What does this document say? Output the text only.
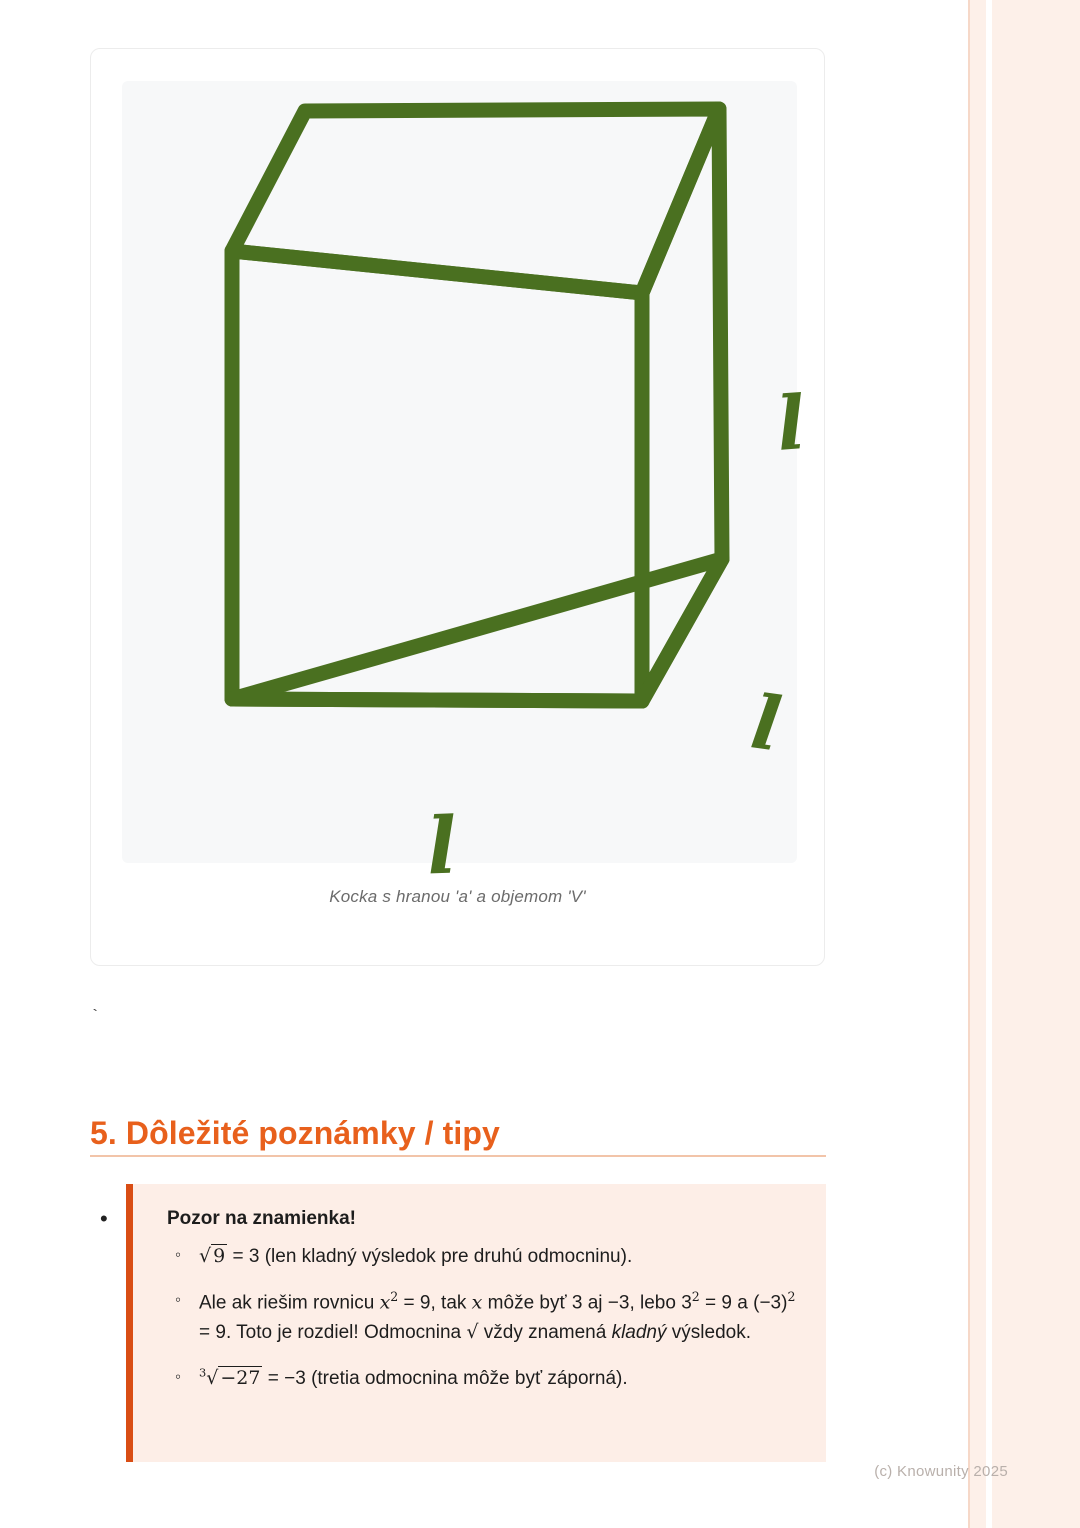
l
l
l
Kocka s hranou 'a' a objemom 'V'
`
5. Dôležité poznámky / tipy
•	Pozor na znamienka!

◦ √ 9 = 3 (len kladný výsledok pre druhú odmocninu).
◦ Ale ak riešim rovnicu $x^2 = 9$, tak x môže byť 3 aj −3, lebo $3^2 = 9$ a $(-3)^2 = 9$. Toto je rozdiel! Odmocnina √ vždy znamená kladný výsledok.
◦ $^3$√ −27 = −3 (tretia odmocnina môže byť záporná).
(c) Knowunity 2025
